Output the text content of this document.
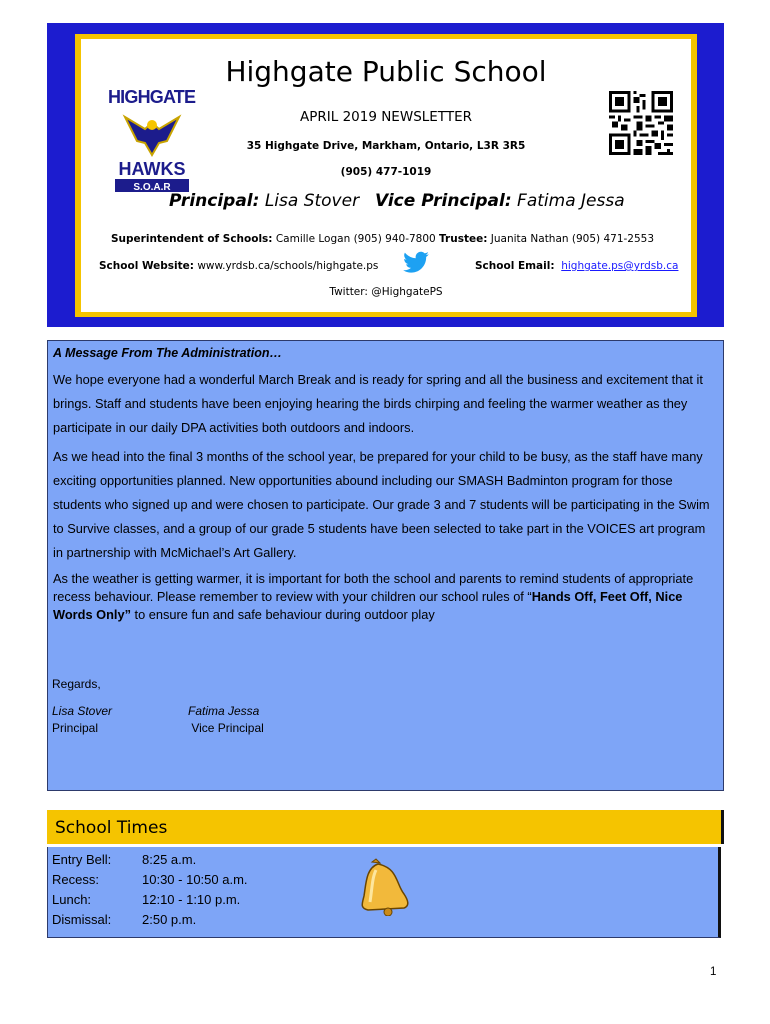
HIGHGATE
HAWKS
S.O.A.R
Highgate Public School
APRIL 2019 NEWSLETTER
35 Highgate Drive, Markham, Ontario, L3R 3R5
(905) 477-1019
Principal: Lisa Stover Vice Principal: Fatima Jessa
Superintendent of Schools: Camille Logan (905) 940-7800 Trustee: Juanita Nathan (905) 471-2553
School Website: www.yrdsb.ca/schools/highgate.ps	School Email: highgate.ps@yrdsb.ca
Twitter: @HighgatePS
A Message From The Administration…

We hope everyone had a wonderful March Break and is ready for spring and all the business and excitement that it brings. Staff and students have been enjoying hearing the birds chirping and feeling the warmer weather as they participate in our daily DPA activities both outdoors and indoors.

As we head into the final 3 months of the school year, be prepared for your child to be busy, as the staff have many exciting opportunities planned. New opportunities abound including our SMASH Badminton program for those students who signed up and were chosen to participate. Our grade 3 and 7 students will be participating in the Swim to Survive classes, and a group of our grade 5 students have been selected to take part in the VOICES art program in partnership with McMichael’s Art Gallery.

As the weather is getting warmer, it is important for both the school and parents to remind students of appropriate recess behaviour. Please remember to review with your children our school rules of “Hands Off, Feet Off, Nice Words Only” to ensure fun and safe behaviour during outdoor play

Regards,
Lisa Stover
Principal
Fatima Jessa
Vice Principal
School Times
Entry Bell: 8:25 a.m.
Recess:	10:30 - 10:50 a.m.
Lunch:	12:10 - 1:10 p.m.
Dismissal: 2:50 p.m.
1
